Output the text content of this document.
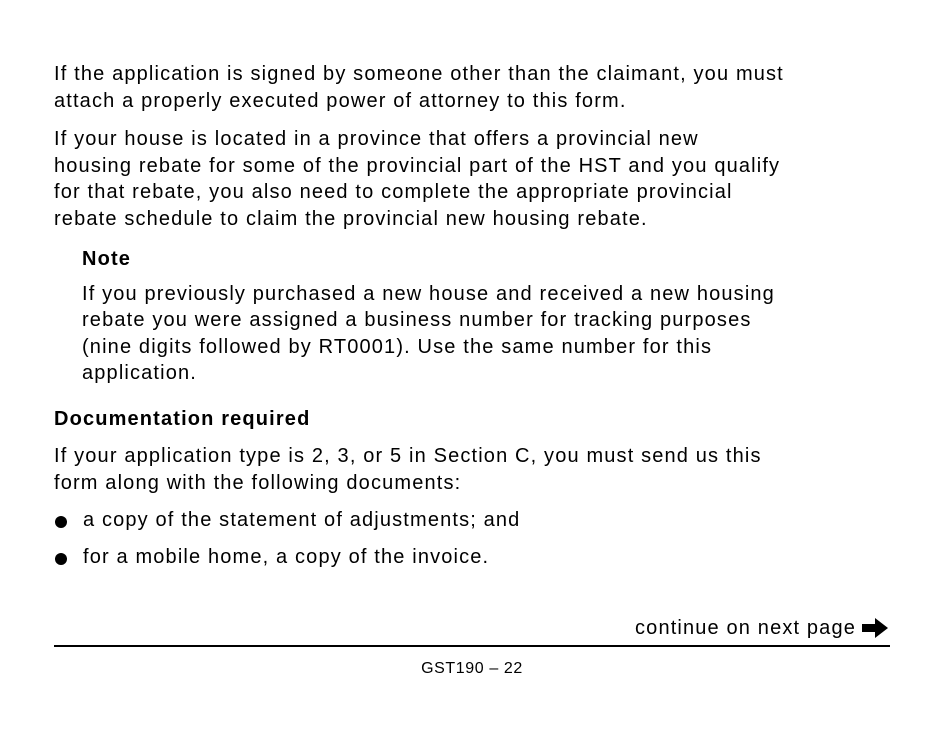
If the application is signed by someone other than the claimant, you must
attach a properly executed power of attorney to this form.

If your house is located in a province that offers a provincial new
housing rebate for some of the provincial part of the HST and you qualify
for that rebate, you also need to complete the appropriate provincial
rebate schedule to claim the provincial new housing rebate.

Note

If you previously purchased a new house and received a new housing
rebate you were assigned a business number for tracking purposes
(nine digits followed by RT0001). Use the same number for this
application.

Documentation required

If your application type is 2, 3, or 5 in Section C, you must send us this
form along with the following documents:

a copy of the statement of adjustments; and
for a mobile home, a copy of the invoice.
continue on next page
GST190 – 22
